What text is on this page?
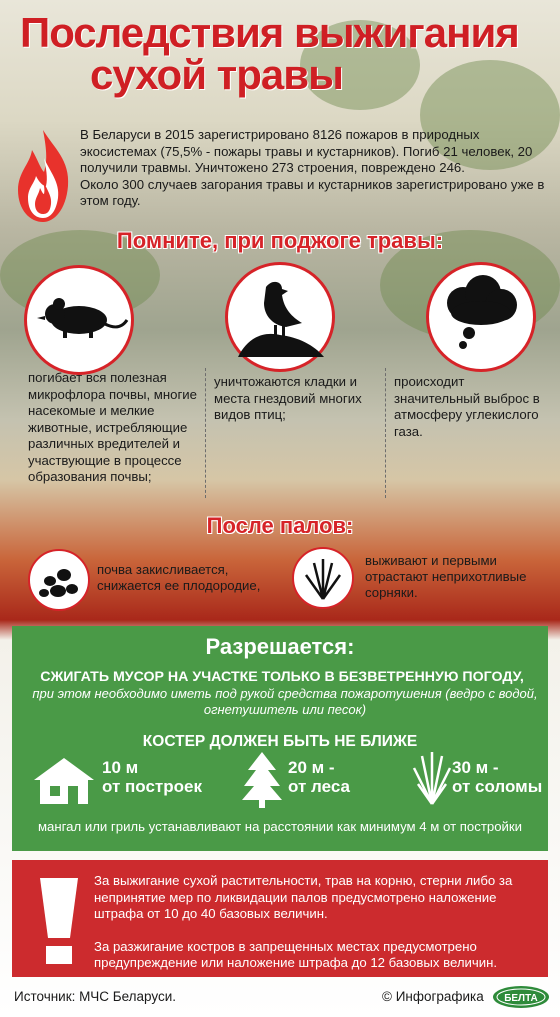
Последствия выжигания
сухой травы

В Беларуси в 2015 зарегистрировано 8126 пожаров в природных экосистемах (75,5% - пожары травы и кустарников). Погиб 21 человек, 20 получили травмы. Уничтожено 273 строения, повреждено 246.

Около 300 случаев загорания травы и кустарников зарегистрировано уже в этом году.

Помните, при поджоге травы:
погибает вся полезная микрофлора почвы, многие насекомые и мелкие животные, истребляющие различных вредителей и участвующие в процессе образования почвы;
уничтожаются кладки и места гнездовий многих видов птиц;
происходит значительный выброс в атмосферу углекислого газа.
После палов:
почва закисливается, снижается ее плодородие,
выживают и первыми отрастают неприхотливые сорняки.
Разрешается:
СЖИГАТЬ МУСОР НА УЧАСТКЕ ТОЛЬКО В БЕЗВЕТРЕННУЮ ПОГОДУ,
при этом необходимо иметь под рукой средства пожаротушения (ведро с водой, огнетушитель или песок)
КОСТЕР ДОЛЖЕН БЫТЬ НЕ БЛИЖЕ
10 м
от построек
20 м -
от леса
30 м -
от соломы
мангал или гриль устанавливают на расстоянии как минимум 4 м от постройки

За выжигание сухой растительности, трав на корню, стерни либо за непринятие мер по ликвидации палов предусмотрено наложение штрафа от 10 до 40 базовых величин.

За разжигание костров в запрещенных местах предусмотрено предупреждение или наложение штрафа до 12 базовых величин.

Источник: МЧС Беларуси.	© Инфографика БЕЛТА
